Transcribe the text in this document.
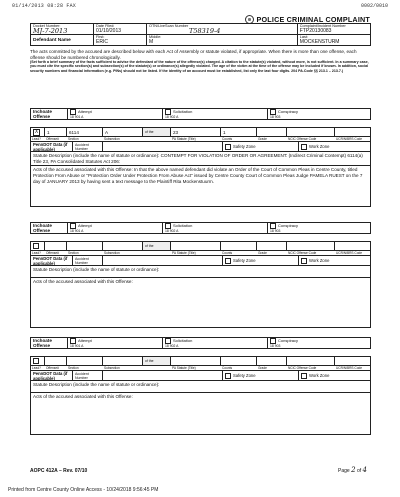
01/14/2013 08:28 FAX	0002/0010
POLICE CRIMINAL COMPLAINT
Docket Number:
MJ-7-2013	Date Filed:
01/10/2013	OTN/LiveScan Number
T58319-4	Complaint/Incident Number
FTP20130083
Defendant Name	First:
ERIC	Middle:
M	Last:
MOCKENSTURM
The acts committed by the accused are described below with each Act of Assembly or statute violated, if appropriate. When there is more than one offense, each offense should be numbered chronologically.
(Set forth a brief summary of the facts sufficient to advise the defendant of the nature of the offense(s) charged. A citation to the statute(s) violated, without more, is not sufficient. In a summary case, you must cite the specific section(s) and subsection(s) of the statute(s) or ordinance(s) allegedly violated. The age of the victim at the time of the offense may be included if known. In addition, social security numbers and financial information (e.g. PINs) should not be listed. If the identity of an account must be established, list only the last four digits. 204 PA.Code §§ 213.1 – 213.7.)
Inchoate Offense	Attempt
18 901 A
	Solicitation
18 902 A
	Conspiracy
18 903
X	1	6114	A	of the	23	1
Lead?	Offense#	Section	Subsection	PA Statute (Title)	Counts	Grade	NCIC Offense Code	UCR/NIBRS Code
PennDOT Data (if applicable)
Accident Number	Safety Zone	Work Zone
Statute Description (include the name of statute or ordinance): CONTEMPT FOR VIOLATION OF ORDER OR AGREEMENT: (Indirect Criminal Contempt) 6114(a) Title 23, PA Consolidated Statutes Act 206:
Acts of the accused associated with this Offense: In that the above named defendant did violate an Order of the Court of Common Pleas in Centre County, titled Protection From Abuse or "Protection Order Under Protection From Abuse Act" issued by Centre County Court of Common Pleas Judge PAMELA RUEST on the 7 day of JANUARY 2013 by having sent a text message to the Plaintiff Rita Mockenstuurm.
Inchoate Offense	Attempt
18 901 A
	Solicitation
18 902 A
	Conspiracy
18 903
of the
Lead?	Offense#	Section	Subsection	PA Statute (Title)	Counts	Grade	NCIC Offense Code	UCR/NIBRS Code
PennDOT Data (if applicable)
Accident Number	Safety Zone	Work Zone
Statute Description (include the name of statute or ordinance):
Acts of the accused associated with this Offense:
Inchoate Offense	Attempt
18 901 A
	Solicitation
18 902 A
	Conspiracy
18 903
of the
Lead?	Offense#	Section	Subsection	PA Statute (Title)	Counts	Grade	NCIC Offense Code	UCR/NIBRS Code
PennDOT Data (if applicable)
Accident Number	Safety Zone	Work Zone
Statute Description (include the name of statute or ordinance):
Acts of the accused associated with this Offense:
AOPC 412A – Rev. 07/10	Page 2 of 4
Printed from Centre County Online Access - 10/24/2018 9:56:45 PM
